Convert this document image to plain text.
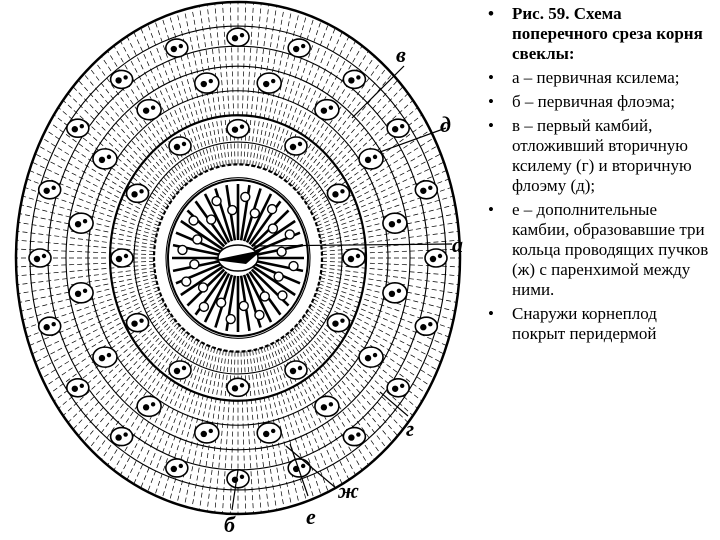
в
д
а
г
ж
е
б
• Рис. 59. Схема поперечного среза корня свеклы:
• а – первичная ксилема;
• б – первичная флоэма;
• в – первый камбий, отложивший вторичную ксилему (г) и вторичную флоэму (д);
• е – дополнительные камбии, образовавшие три кольца проводящих пучков (ж) с паренхимой между ними.
• Снаружи корнеплод покрыт перидермой
